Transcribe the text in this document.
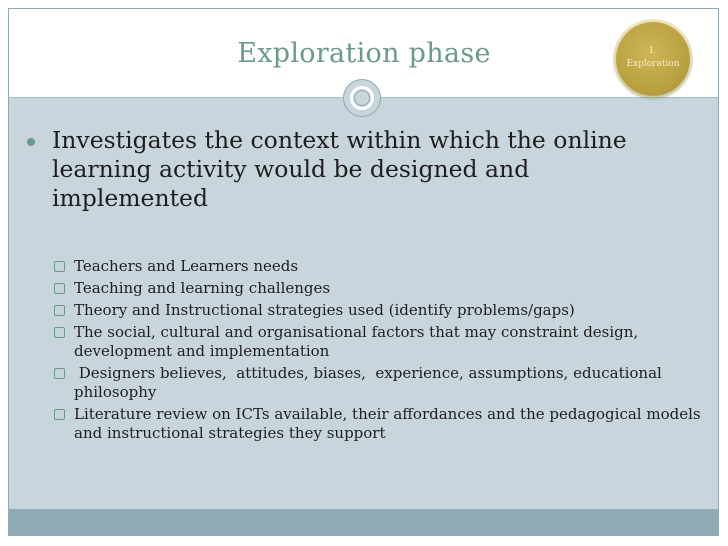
Exploration phase	1.
Exploration
Investigates the context within which the online learning activity would be designed and implemented
Teachers and Learners needs
Teaching and learning challenges
Theory and Instructional strategies used (identify problems/gaps)
The social, cultural and organisational factors that may constraint design, development and implementation
Designers believes,  attitudes, biases,  experience, assumptions, educational philosophy
Literature review on ICTs available, their affordances and the pedagogical models and instructional strategies they support
